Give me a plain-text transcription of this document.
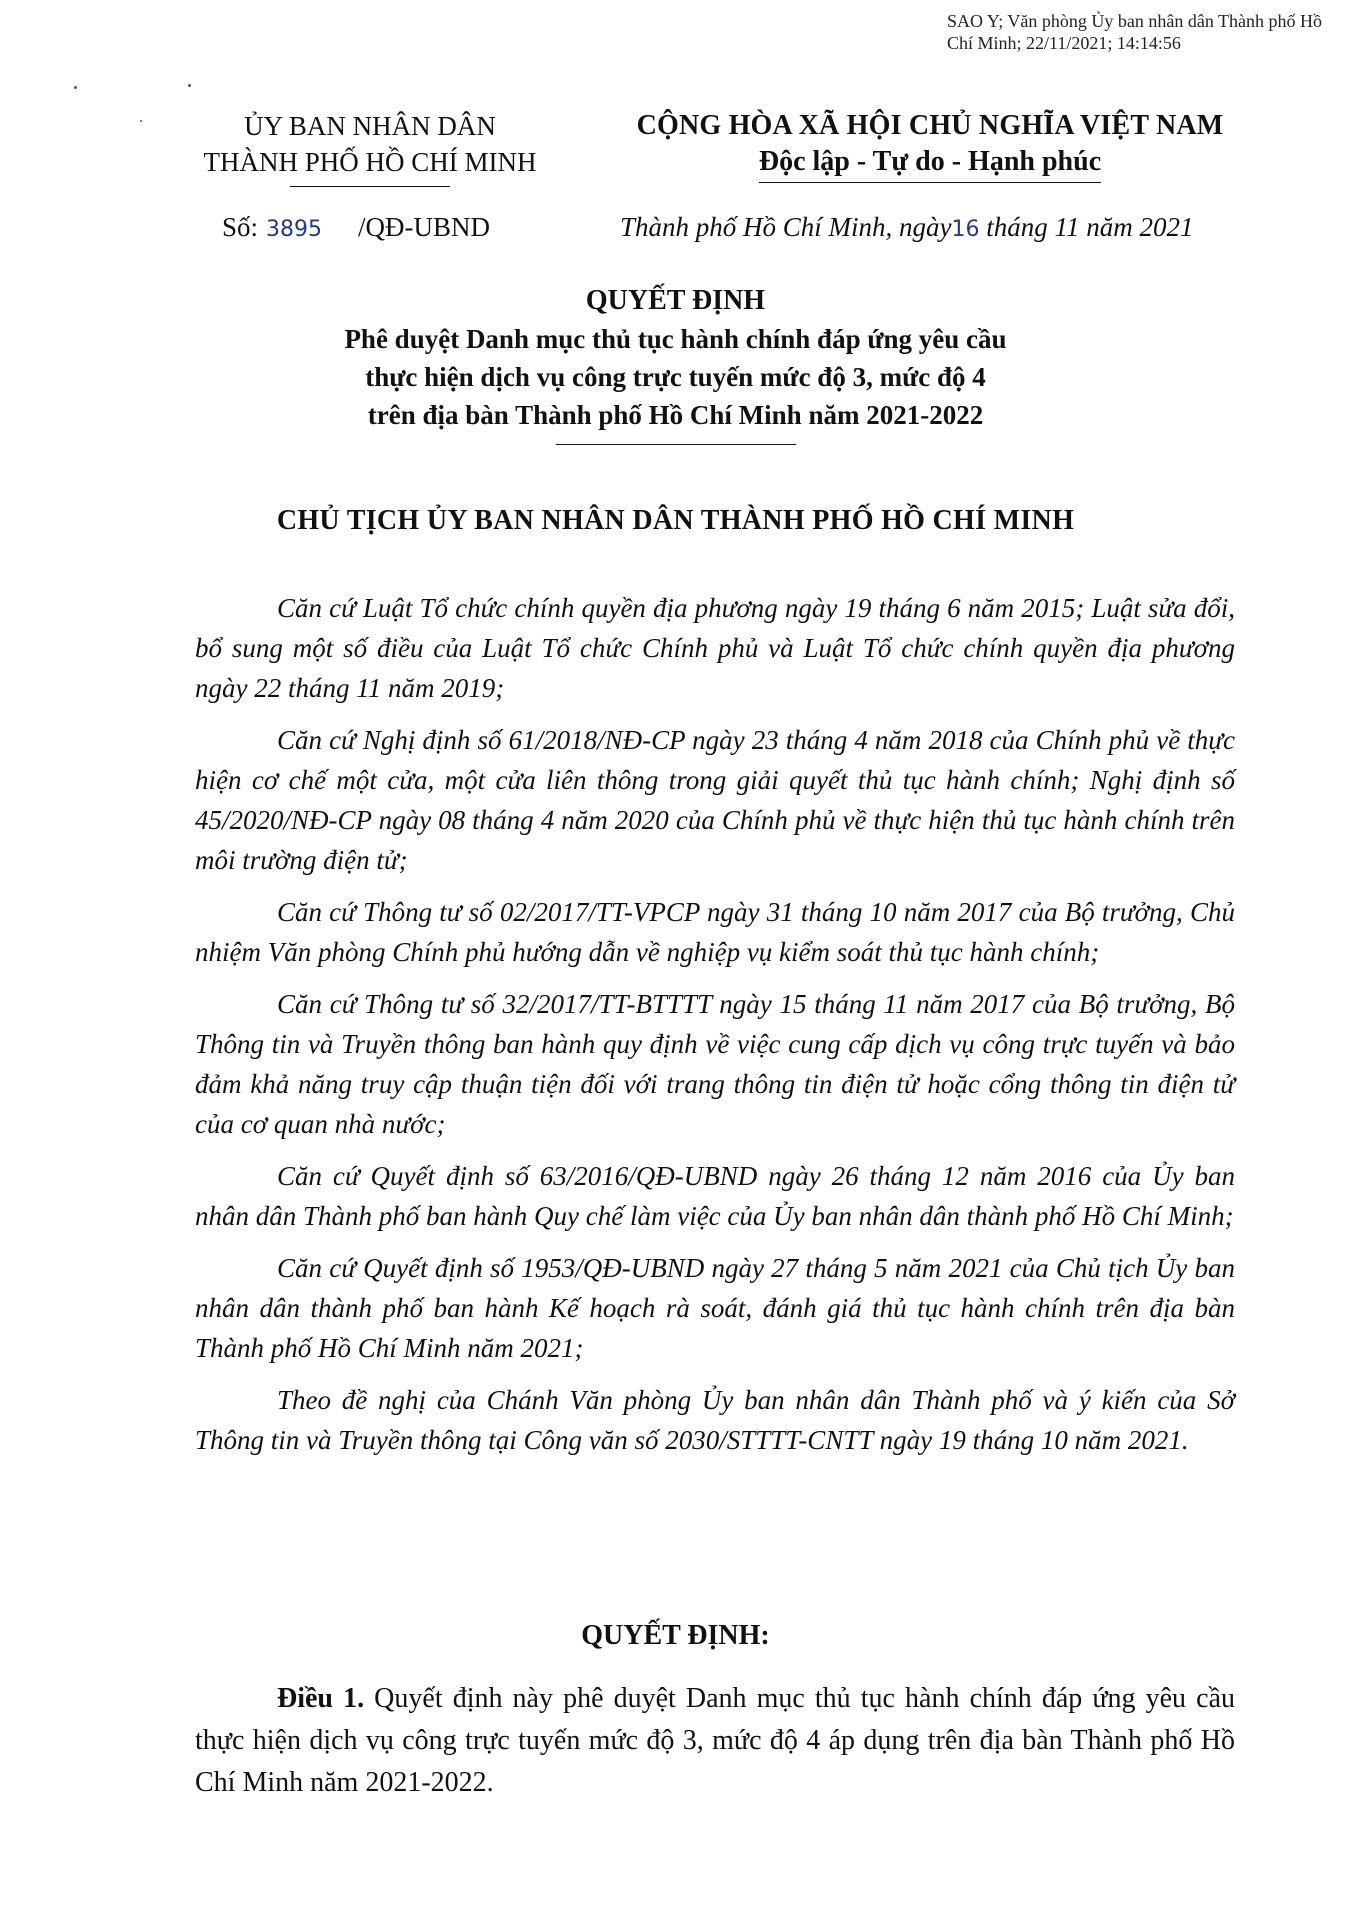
SAO Y; Văn phòng Ủy ban nhân dân Thành phố Hồ Chí Minh; 22/11/2021; 14:14:56
ỦY BAN NHÂN DÂN
THÀNH PHỐ HỒ CHÍ MINH
CỘNG HÒA XÃ HỘI CHỦ NGHĨA VIỆT NAM
Độc lập - Tự do - Hạnh phúc
Số: 3895 /QĐ-UBND	Thành phố Hồ Chí Minh, ngày16 tháng 11 năm 2021
QUYẾT ĐỊNH
Phê duyệt Danh mục thủ tục hành chính đáp ứng yêu cầu
thực hiện dịch vụ công trực tuyến mức độ 3, mức độ 4
trên địa bàn Thành phố Hồ Chí Minh năm 2021-2022
CHỦ TỊCH ỦY BAN NHÂN DÂN THÀNH PHỐ HỒ CHÍ MINH

Căn cứ Luật Tổ chức chính quyền địa phương ngày 19 tháng 6 năm 2015; Luật sửa đổi, bổ sung một số điều của Luật Tổ chức Chính phủ và Luật Tổ chức chính quyền địa phương ngày 22 tháng 11 năm 2019;

Căn cứ Nghị định số 61/2018/NĐ-CP ngày 23 tháng 4 năm 2018 của Chính phủ về thực hiện cơ chế một cửa, một cửa liên thông trong giải quyết thủ tục hành chính; Nghị định số 45/2020/NĐ-CP ngày 08 tháng 4 năm 2020 của Chính phủ về thực hiện thủ tục hành chính trên môi trường điện tử;

Căn cứ Thông tư số 02/2017/TT-VPCP ngày 31 tháng 10 năm 2017 của Bộ trưởng, Chủ nhiệm Văn phòng Chính phủ hướng dẫn về nghiệp vụ kiểm soát thủ tục hành chính;

Căn cứ Thông tư số 32/2017/TT-BTTTT ngày 15 tháng 11 năm 2017 của Bộ trưởng, Bộ Thông tin và Truyền thông ban hành quy định về việc cung cấp dịch vụ công trực tuyến và bảo đảm khả năng truy cập thuận tiện đối với trang thông tin điện tử hoặc cổng thông tin điện tử của cơ quan nhà nước;

Căn cứ Quyết định số 63/2016/QĐ-UBND ngày 26 tháng 12 năm 2016 của Ủy ban nhân dân Thành phố ban hành Quy chế làm việc của Ủy ban nhân dân thành phố Hồ Chí Minh;

Căn cứ Quyết định số 1953/QĐ-UBND ngày 27 tháng 5 năm 2021 của Chủ tịch Ủy ban nhân dân thành phố ban hành Kế hoạch rà soát, đánh giá thủ tục hành chính trên địa bàn Thành phố Hồ Chí Minh năm 2021;

Theo đề nghị của Chánh Văn phòng Ủy ban nhân dân Thành phố và ý kiến của Sở Thông tin và Truyền thông tại Công văn số 2030/STTTT-CNTT ngày 19 tháng 10 năm 2021.

QUYẾT ĐỊNH:
Điều 1. Quyết định này phê duyệt Danh mục thủ tục hành chính đáp ứng yêu cầu thực hiện dịch vụ công trực tuyến mức độ 3, mức độ 4 áp dụng trên địa bàn Thành phố Hồ Chí Minh năm 2021-2022.
